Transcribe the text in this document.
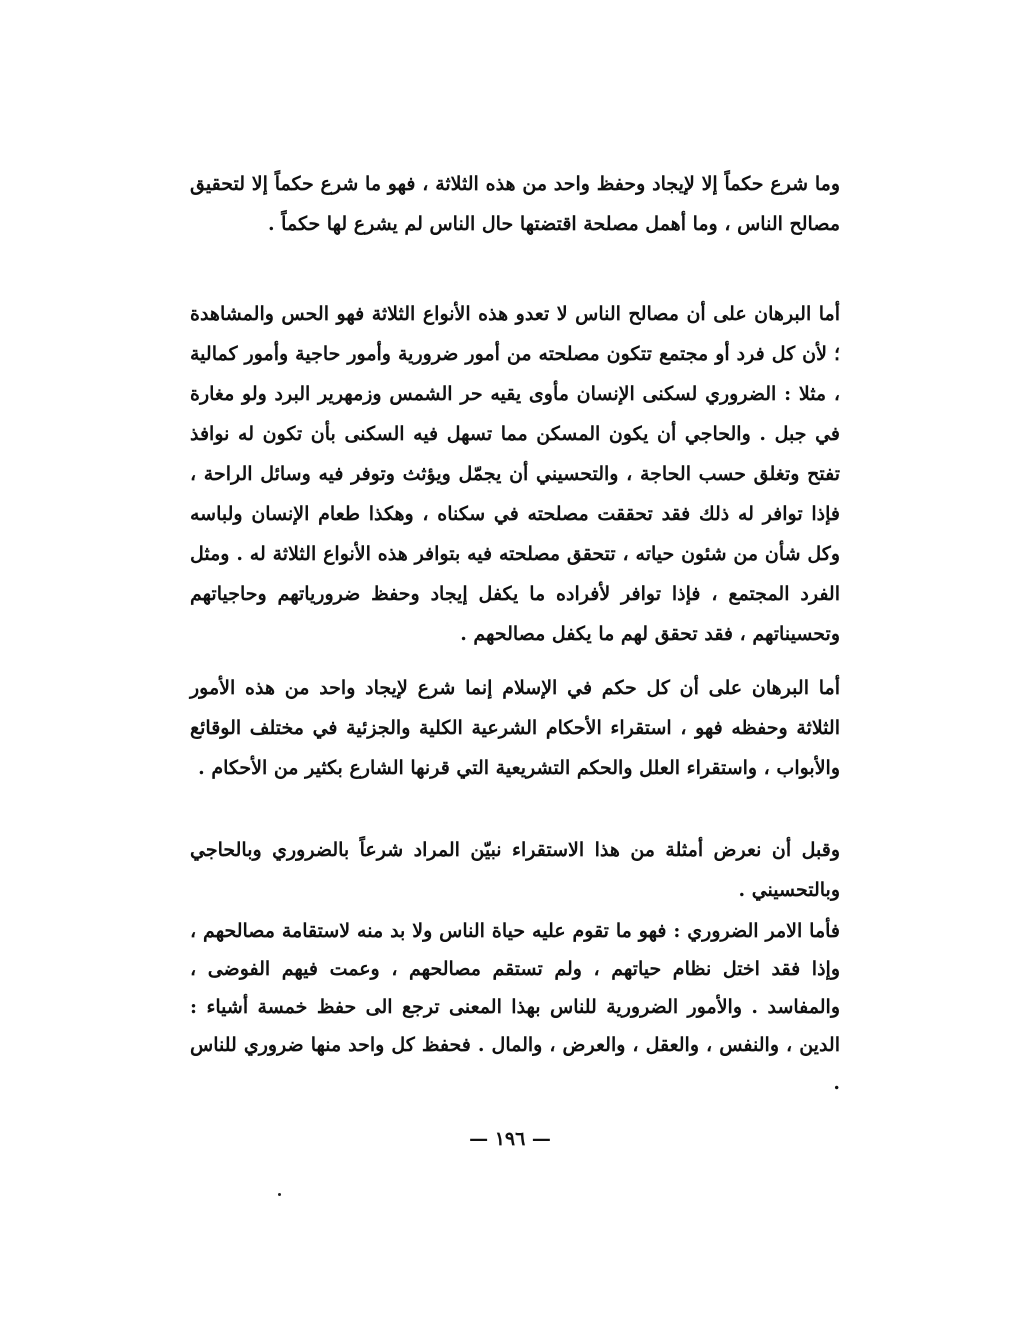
وما شرع حكماً إلا لإيجاد وحفظ واحد من هذه الثلاثة ، فهو ما شرع حكماً إلا لتحقيق مصالح الناس ، وما أهمل مصلحة اقتضتها حال الناس لم يشرع لها حكماً .

أما البرهان على أن مصالح الناس لا تعدو هذه الأنواع الثلاثة فهو الحس والمشاهدة ؛ لأن كل فرد أو مجتمع تتكون مصلحته من أمور ضرورية وأمور حاجية وأمور كمالية ، مثلا : الضروري لسكنى الإنسان مأوى يقيه حر الشمس وزمهرير البرد ولو مغارة في جبل . والحاجي أن يكون المسكن مما تسهل فيه السكنى بأن تكون له نوافذ تفتح وتغلق حسب الحاجة ، والتحسيني أن يجمّل ويؤثث وتوفر فيه وسائل الراحة ، فإذا توافر له ذلك فقد تحققت مصلحته في سكناه ، وهكذا طعام الإنسان ولباسه وكل شأن من شئون حياته ، تتحقق مصلحته فيه بتوافر هذه الأنواع الثلاثة له . ومثل الفرد المجتمع ، فإذا توافر لأفراده ما يكفل إيجاد وحفظ ضرورياتهم وحاجياتهم وتحسيناتهم ، فقد تحقق لهم ما يكفل مصالحهم .

أما البرهان على أن كل حكم في الإسلام إنما شرع لإيجاد واحد من هذه الأمور الثلاثة وحفظه فهو ، استقراء الأحكام الشرعية الكلية والجزئية في مختلف الوقائع والأبواب ، واستقراء العلل والحكم التشريعية التي قرنها الشارع بكثير من الأحكام .

وقبل أن نعرض أمثلة من هذا الاستقراء نبيّن المراد شرعاً بالضروري وبالحاجي وبالتحسيني .

فأما الامر الضروري : فهو ما تقوم عليه حياة الناس ولا بد منه لاستقامة مصالحهم ، وإذا فقد اختل نظام حياتهم ، ولم تستقم مصالحهم ، وعمت فيهم الفوضى ، والمفاسد . والأمور الضرورية للناس بهذا المعنى ترجع الى حفظ خمسة أشياء : الدين ، والنفس ، والعقل ، والعرض ، والمال . فحفظ كل واحد منها ضروري للناس .

— ١٩٦ —
